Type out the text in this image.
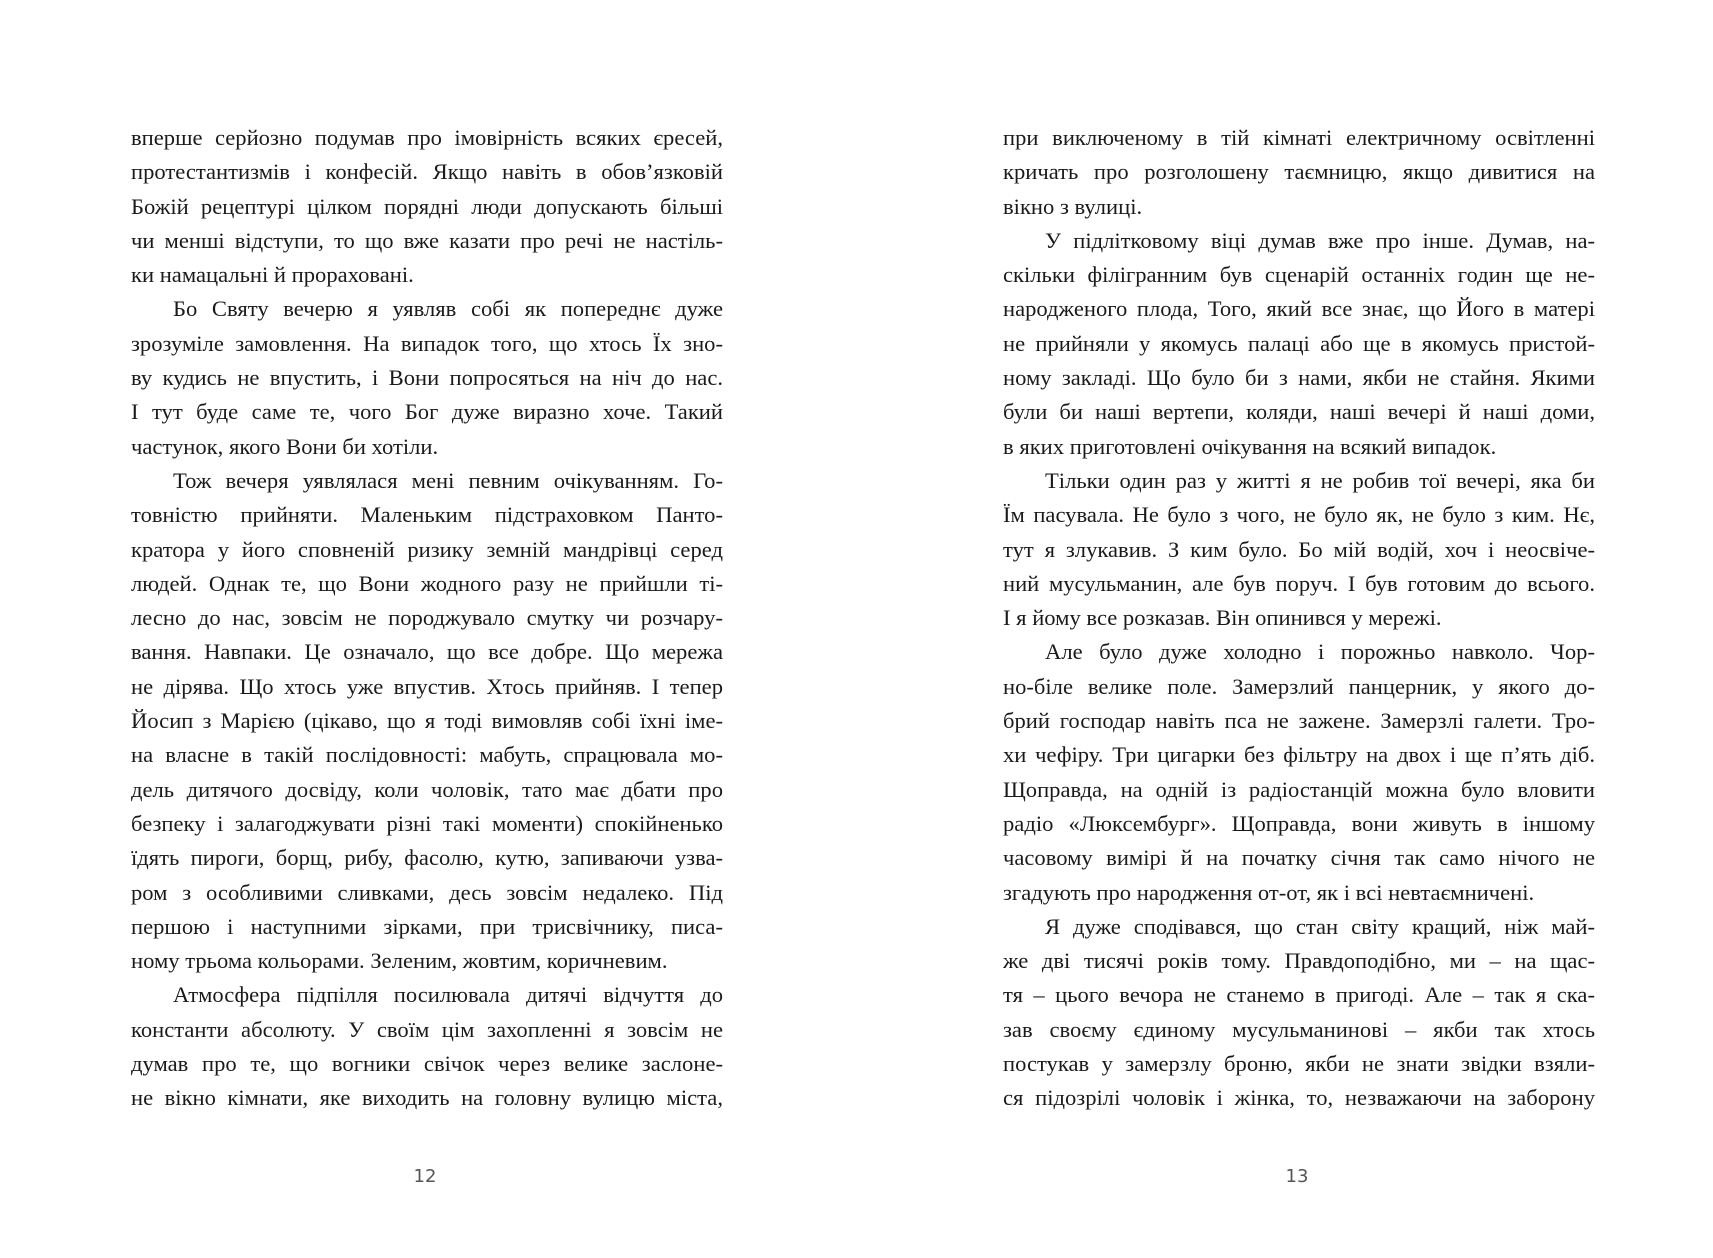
вперше серйозно подумав про імовірність всяких єресей,
протестантизмів і конфесій. Якщо навіть в обов’язковій
Божій рецептурі цілком порядні люди допускають більші
чи менші відступи, то що вже казати про речі не настіль-
ки намацальні й прораховані.
Бо Святу вечерю я уявляв собі як попереднє дуже
зрозуміле замовлення. На випадок того, що хтось Їх зно-
ву кудись не впустить, і Вони попросяться на ніч до нас.
І тут буде саме те, чого Бог дуже виразно хоче. Такий
частунок, якого Вони би хотіли.
Тож вечеря уявлялася мені певним очікуванням. Го-
товністю прийняти. Маленьким підстраховком Панто-
кратора у його сповненій ризику земній мандрівці серед
людей. Однак те, що Вони жодного разу не прийшли ті-
лесно до нас, зовсім не породжувало смутку чи розчару-
вання. Навпаки. Це означало, що все добре. Що мережа
не дірява. Що хтось уже впустив. Хтось прийняв. І тепер
Йосип з Марією (цікаво, що я тоді вимовляв собі їхні іме-
на власне в такій послідовності: мабуть, спрацювала мо-
дель дитячого досвіду, коли чоловік, тато має дбати про
безпеку і залагоджувати різні такі моменти) спокійненько
їдять пироги, борщ, рибу, фасолю, кутю, запиваючи узва-
ром з особливими сливками, десь зовсім недалеко. Під
першою і наступними зірками, при трисвічнику, писа-
ному трьома кольорами. Зеленим, жовтим, коричневим.
Атмосфера підпілля посилювала дитячі відчуття до
константи абсолюту. У своїм цім захопленні я зовсім не
думав про те, що вогники свічок через велике заслоне-
не вікно кімнати, яке виходить на головну вулицю міста,
12
при виключеному в тій кімнаті електричному освітленні
кричать про розголошену таємницю, якщо дивитися на
вікно з вулиці.
У підлітковому віці думав вже про інше. Думав, на-
скільки філігранним був сценарій останніх годин ще не-
народженого плода, Того, який все знає, що Його в матері
не прийняли у якомусь палаці або ще в якомусь пристой-
ному закладі. Що було би з нами, якби не стайня. Якими
були би наші вертепи, коляди, наші вечері й наші доми,
в яких приготовлені очікування на всякий випадок.
Тільки один раз у житті я не робив тої вечері, яка би
Їм пасувала. Не було з чого, не було як, не було з ким. Нє,
тут я злукавив. З ким було. Бо мій водій, хоч і неосвіче-
ний мусульманин, але був поруч. І був готовим до всього.
І я йому все розказав. Він опинився у мережі.
Але було дуже холодно і порожньо навколо. Чор-
но-біле велике поле. Замерзлий панцерник, у якого до-
брий господар навіть пса не зажене. Замерзлі галети. Тро-
хи чефіру. Три цигарки без фільтру на двох і ще п’ять діб.
Щоправда, на одній із радіостанцій можна було вловити
радіо «Люксембург». Щоправда, вони живуть в іншому
часовому вимірі й на початку січня так само нічого не
згадують про народження от-от, як і всі невтаємничені.
Я дуже сподівався, що стан світу кращий, ніж май-
же дві тисячі років тому. Правдоподібно, ми – на щас-
тя – цього вечора не станемо в пригоді. Але – так я ска-
зав своєму єдиному мусульманинові – якби так хтось
постукав у замерзлу броню, якби не знати звідки взяли-
ся підозрілі чоловік і жінка, то, незважаючи на заборону
13
